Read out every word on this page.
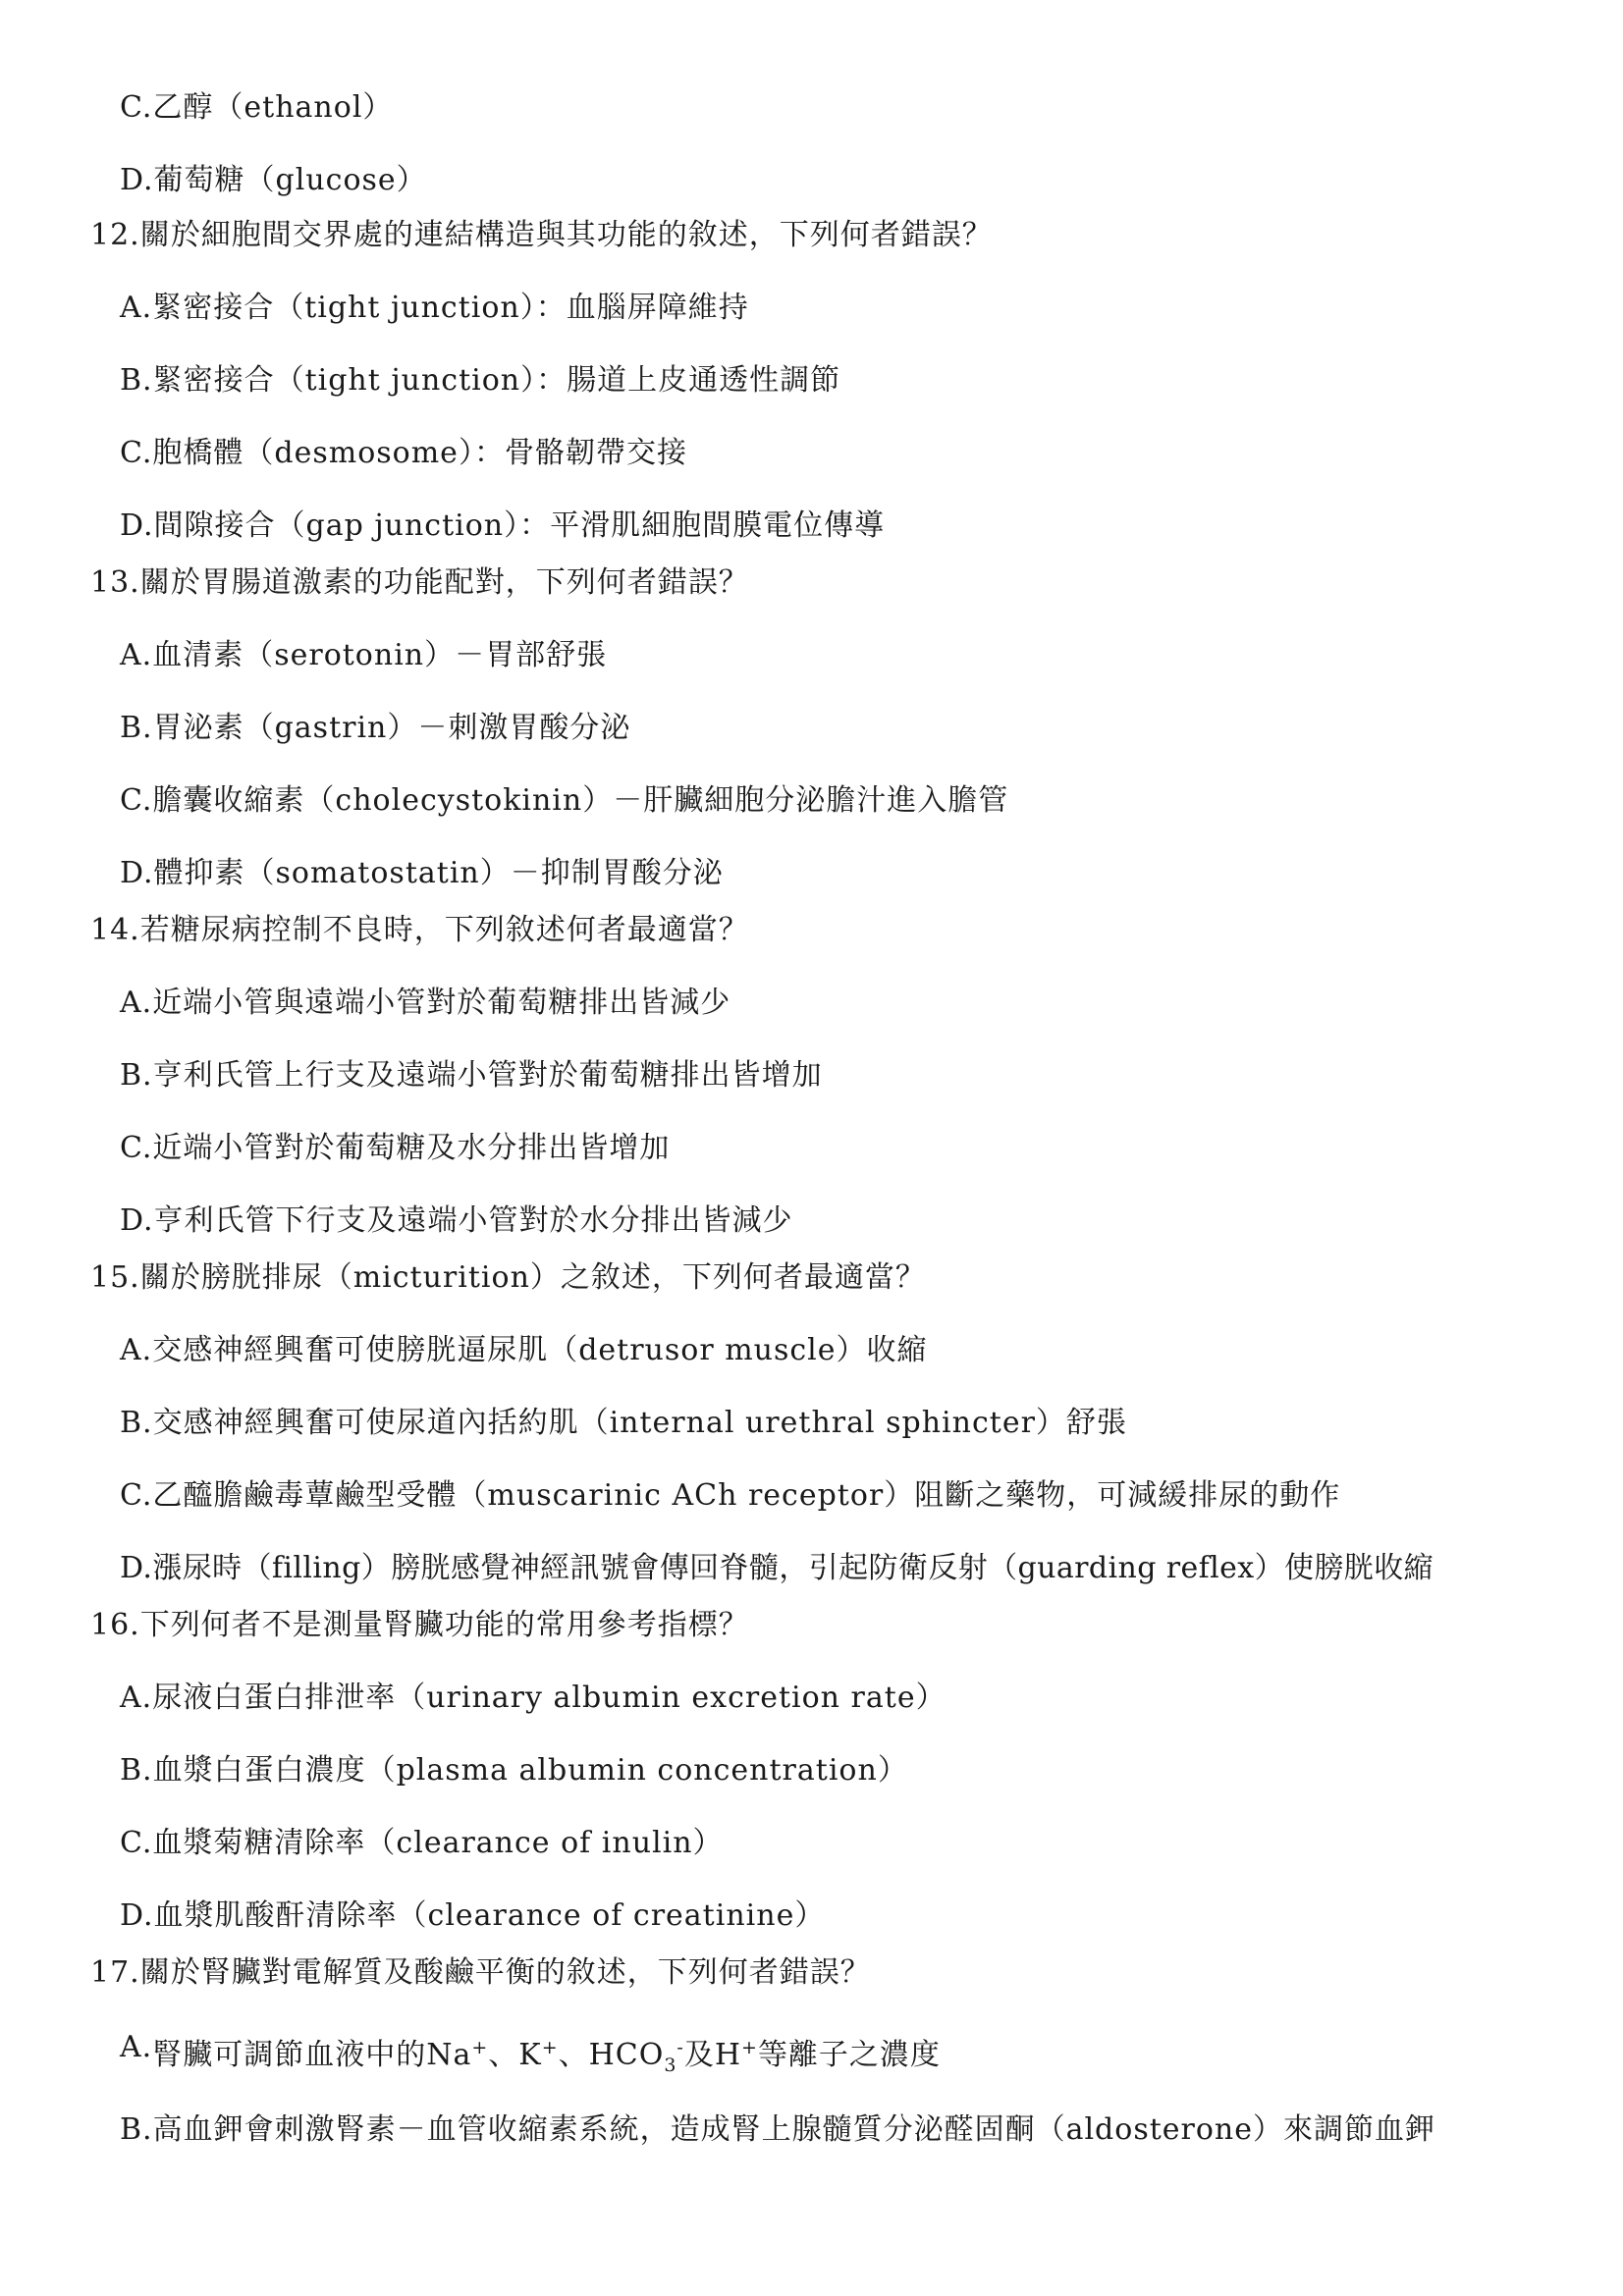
C.乙醇（ethanol）
D.葡萄糖（glucose）
12.關於細胞間交界處的連結構造與其功能的敘述，下列何者錯誤？
A.緊密接合（tight junction）：血腦屏障維持
B.緊密接合（tight junction）：腸道上皮通透性調節
C.胞橋體（desmosome）：骨骼韌帶交接
D.間隙接合（gap junction）：平滑肌細胞間膜電位傳導
13.關於胃腸道激素的功能配對，下列何者錯誤？
A.血清素（serotonin）－胃部舒張
B.胃泌素（gastrin）－刺激胃酸分泌
C.膽囊收縮素（cholecystokinin）－肝臟細胞分泌膽汁進入膽管
D.體抑素（somatostatin）－抑制胃酸分泌
14.若糖尿病控制不良時，下列敘述何者最適當？
A.近端小管與遠端小管對於葡萄糖排出皆減少
B.亨利氏管上行支及遠端小管對於葡萄糖排出皆增加
C.近端小管對於葡萄糖及水分排出皆增加
D.亨利氏管下行支及遠端小管對於水分排出皆減少
15.關於膀胱排尿（micturition）之敘述，下列何者最適當？
A.交感神經興奮可使膀胱逼尿肌（detrusor muscle）收縮
B.交感神經興奮可使尿道內括約肌（internal urethral sphincter）舒張
C.乙醯膽鹼毒蕈鹼型受體（muscarinic ACh receptor）阻斷之藥物，可減緩排尿的動作
D.漲尿時（filling）膀胱感覺神經訊號會傳回脊髓，引起防衛反射（guarding reflex）使膀胱收縮
16.下列何者不是測量腎臟功能的常用參考指標？
A.尿液白蛋白排泄率（urinary albumin excretion rate）
B.血漿白蛋白濃度（plasma albumin concentration）
C.血漿菊糖清除率（clearance of inulin）
D.血漿肌酸酐清除率（clearance of creatinine）
17.關於腎臟對電解質及酸鹼平衡的敘述，下列何者錯誤？
A.腎臟可調節血液中的Na+、K+、$HCO_3^-$及H+等離子之濃度
B.高血鉀會刺激腎素－血管收縮素系統，造成腎上腺髓質分泌醛固酮（aldosterone）來調節血鉀
